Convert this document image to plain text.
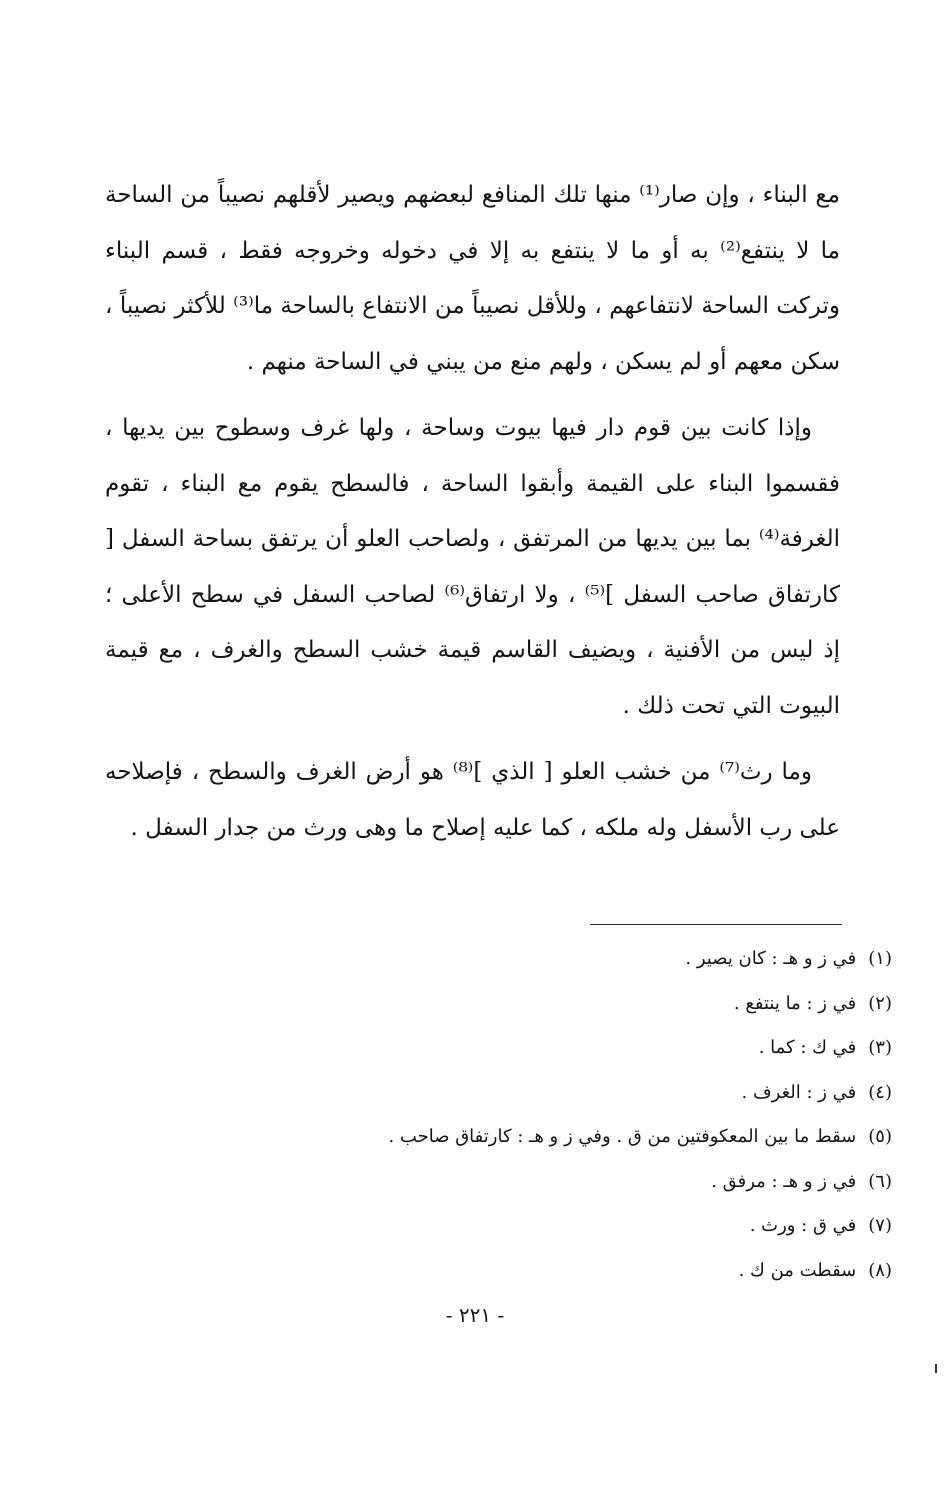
مع البناء ، وإن صار⁽¹⁾ منها تلك المنافع لبعضهم ويصير لأقلهم نصيباً من الساحة ما لا ينتفع⁽²⁾ به أو ما لا ينتفع به إلا في دخوله وخروجه فقط ، قسم البناء وتركت الساحة لانتفاعهم ، وللأقل نصيباً من الانتفاع بالساحة ما⁽³⁾ للأكثر نصيباً ، سكن معهم أو لم يسكن ، ولهم منع من يبني في الساحة منهم .

وإذا كانت بين قوم دار فيها بيوت وساحة ، ولها غرف وسطوح بين يديها ، فقسموا البناء على القيمة وأبقوا الساحة ، فالسطح يقوم مع البناء ، تقوم الغرفة⁽⁴⁾ بما بين يديها من المرتفق ، ولصاحب العلو أن يرتفق بساحة السفل [ كارتفاق صاحب السفل ]⁽⁵⁾ ، ولا ارتفاق⁽⁶⁾ لصاحب السفل في سطح الأعلى ؛ إذ ليس من الأفنية ، ويضيف القاسم قيمة خشب السطح والغرف ، مع قيمة البيوت التي تحت ذلك .

وما رث⁽⁷⁾ من خشب العلو [ الذي ]⁽⁸⁾ هو أرض الغرف والسطح ، فإصلاحه على رب الأسفل وله ملكه ، كما عليه إصلاح ما وهى ورث من جدار السفل .

(١)في ز و هـ : كان يصير .
(٢)في ز : ما ينتفع .
(٣)في ك : كما .
(٤)في ز : الغرف .
(٥)سقط ما بين المعكوفتين من ق . وفي ز و هـ : كارتفاق صاحب .
(٦)في ز و هـ : مرفق .
(٧)في ق : ورث .
(٨)سقطت من ك .
- ٢٢١ -
